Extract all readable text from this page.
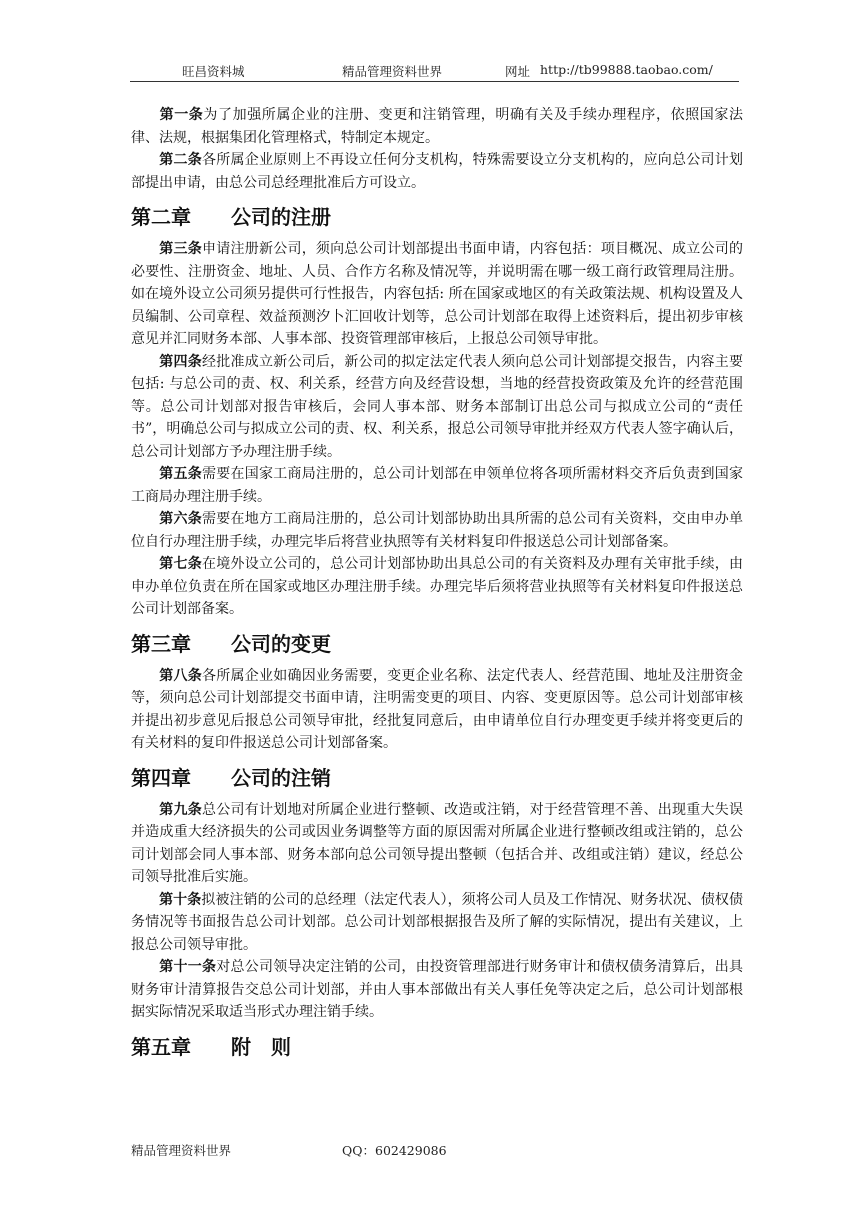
旺昌资料城	精品管理资料世界	网址 http://tb99888.taobao.com/

第一条为了加强所属企业的注册、变更和注销管理，明确有关及手续办理程序，依照国家法律、法规，根据集团化管理格式，特制定本规定。

第二条各所属企业原则上不再设立任何分支机构，特殊需要设立分支机构的，应向总公司计划部提出申请，由总公司总经理批准后方可设立。

第二章 公司的注册

第三条申请注册新公司，须向总公司计划部提出书面申请，内容包括：项目概况、成立公司的必要性、注册资金、地址、人员、合作方名称及情况等，并说明需在哪一级工商行政管理局注册。如在境外设立公司须另提供可行性报告，内容包括: 所在国家或地区的有关政策法规、机构设置及人员编制、公司章程、效益预测汐卜汇回收计划等，总公司计划部在取得上述资料后，提出初步审核意见并汇同财务本部、人事本部、投资管理部审核后，上报总公司领导审批。

第四条经批准成立新公司后，新公司的拟定法定代表人须向总公司计划部提交报告，内容主要包括: 与总公司的责、权、利关系，经营方向及经营设想，当地的经营投资政策及允许的经营范围等。总公司计划部对报告审核后，会同人事本部、财务本部制订出总公司与拟成立公司的“责任书”，明确总公司与拟成立公司的责、权、利关系，报总公司领导审批并经双方代表人签字确认后，总公司计划部方予办理注册手续。

第五条需要在国家工商局注册的，总公司计划部在申领单位将各项所需材料交齐后负责到国家工商局办理注册手续。

第六条需要在地方工商局注册的，总公司计划部协助出具所需的总公司有关资料，交由申办单位自行办理注册手续，办理完毕后将营业执照等有关材料复印件报送总公司计划部备案。

第七条在境外设立公司的，总公司计划部协助出具总公司的有关资料及办理有关审批手续，由申办单位负责在所在国家或地区办理注册手续。办理完毕后须将营业执照等有关材料复印件报送总公司计划部备案。

第三章 公司的变更

第八条各所属企业如确因业务需要，变更企业名称、法定代表人、经营范围、地址及注册资金等，须向总公司计划部提交书面申请，注明需变更的项目、内容、变更原因等。总公司计划部审核并提出初步意见后报总公司领导审批，经批复同意后，由申请单位自行办理变更手续并将变更后的有关材料的复印件报送总公司计划部备案。

第四章 公司的注销

第九条总公司有计划地对所属企业进行整顿、改造或注销，对于经营管理不善、出现重大失误并造成重大经济损失的公司或因业务调整等方面的原因需对所属企业进行整顿改组或注销的，总公司计划部会同人事本部、财务本部向总公司领导提出整顿（包括合并、改组或注销）建议，经总公司领导批准后实施。

第十条拟被注销的公司的总经理（法定代表人），须将公司人员及工作情况、财务状况、债权债务情况等书面报告总公司计划部。总公司计划部根据报告及所了解的实际情况，提出有关建议，上报总公司领导审批。

第十一条对总公司领导决定注销的公司，由投资管理部进行财务审计和债权债务清算后，出具财务审计清算报告交总公司计划部，并由人事本部做出有关人事任免等决定之后，总公司计划部根据实际情况采取适当形式办理注销手续。

第五章 附　则
精品管理资料世界	QQ：602429086
